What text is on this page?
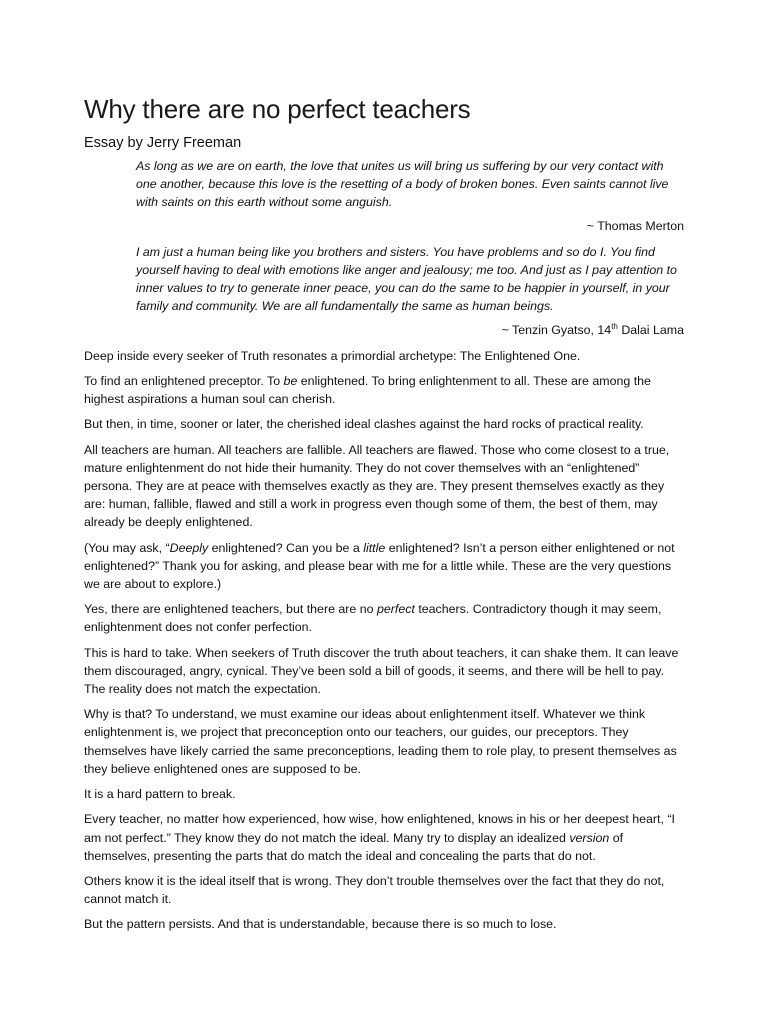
Why there are no perfect teachers
Essay by Jerry Freeman

As long as we are on earth, the love that unites us will bring us suffering by our very contact with one another, because this love is the resetting of a body of broken bones. Even saints cannot live with saints on this earth without some anguish.

~ Thomas Merton

I am just a human being like you brothers and sisters. You have problems and so do I. You find yourself having to deal with emotions like anger and jealousy; me too. And just as I pay attention to inner values to try to generate inner peace, you can do the same to be happier in yourself, in your family and community. We are all fundamentally the same as human beings.

~ Tenzin Gyatso, 14th Dalai Lama

Deep inside every seeker of Truth resonates a primordial archetype: The Enlightened One.

To find an enlightened preceptor. To be enlightened. To bring enlightenment to all. These are among the highest aspirations a human soul can cherish.

But then, in time, sooner or later, the cherished ideal clashes against the hard rocks of practical reality.

All teachers are human. All teachers are fallible. All teachers are flawed. Those who come closest to a true, mature enlightenment do not hide their humanity. They do not cover themselves with an “enlightened” persona. They are at peace with themselves exactly as they are. They present themselves exactly as they are: human, fallible, flawed and still a work in progress even though some of them, the best of them, may already be deeply enlightened.

(You may ask, “Deeply enlightened? Can you be a little enlightened? Isn’t a person either enlightened or not enlightened?” Thank you for asking, and please bear with me for a little while. These are the very questions we are about to explore.)

Yes, there are enlightened teachers, but there are no perfect teachers. Contradictory though it may seem, enlightenment does not confer perfection.

This is hard to take. When seekers of Truth discover the truth about teachers, it can shake them. It can leave them discouraged, angry, cynical. They’ve been sold a bill of goods, it seems, and there will be hell to pay. The reality does not match the expectation.

Why is that? To understand, we must examine our ideas about enlightenment itself. Whatever we think enlightenment is, we project that preconception onto our teachers, our guides, our preceptors. They themselves have likely carried the same preconceptions, leading them to role play, to present themselves as they believe enlightened ones are supposed to be.

It is a hard pattern to break.

Every teacher, no matter how experienced, how wise, how enlightened, knows in his or her deepest heart, “I am not perfect.” They know they do not match the ideal. Many try to display an idealized version of themselves, presenting the parts that do match the ideal and concealing the parts that do not.

Others know it is the ideal itself that is wrong. They don’t trouble themselves over the fact that they do not, cannot match it.

But the pattern persists. And that is understandable, because there is so much to lose.
